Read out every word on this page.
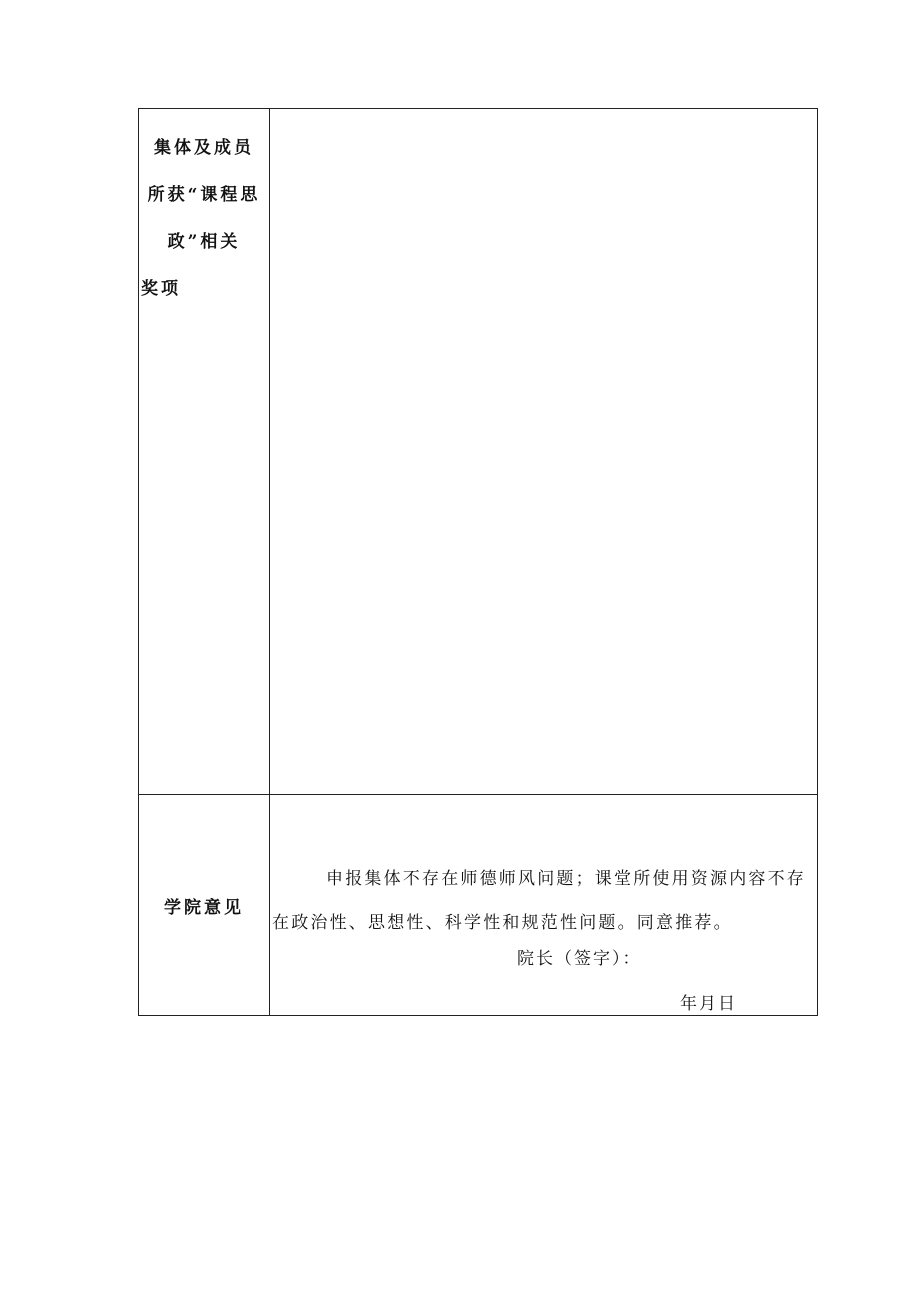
集体及成员
所获“课程思
政”相关
奖项
学院意见
申报集体不存在师德师风问题；课堂所使用资源内容不存
在政治性、思想性、科学性和规范性问题。同意推荐。
院长（签字）：
年月日
